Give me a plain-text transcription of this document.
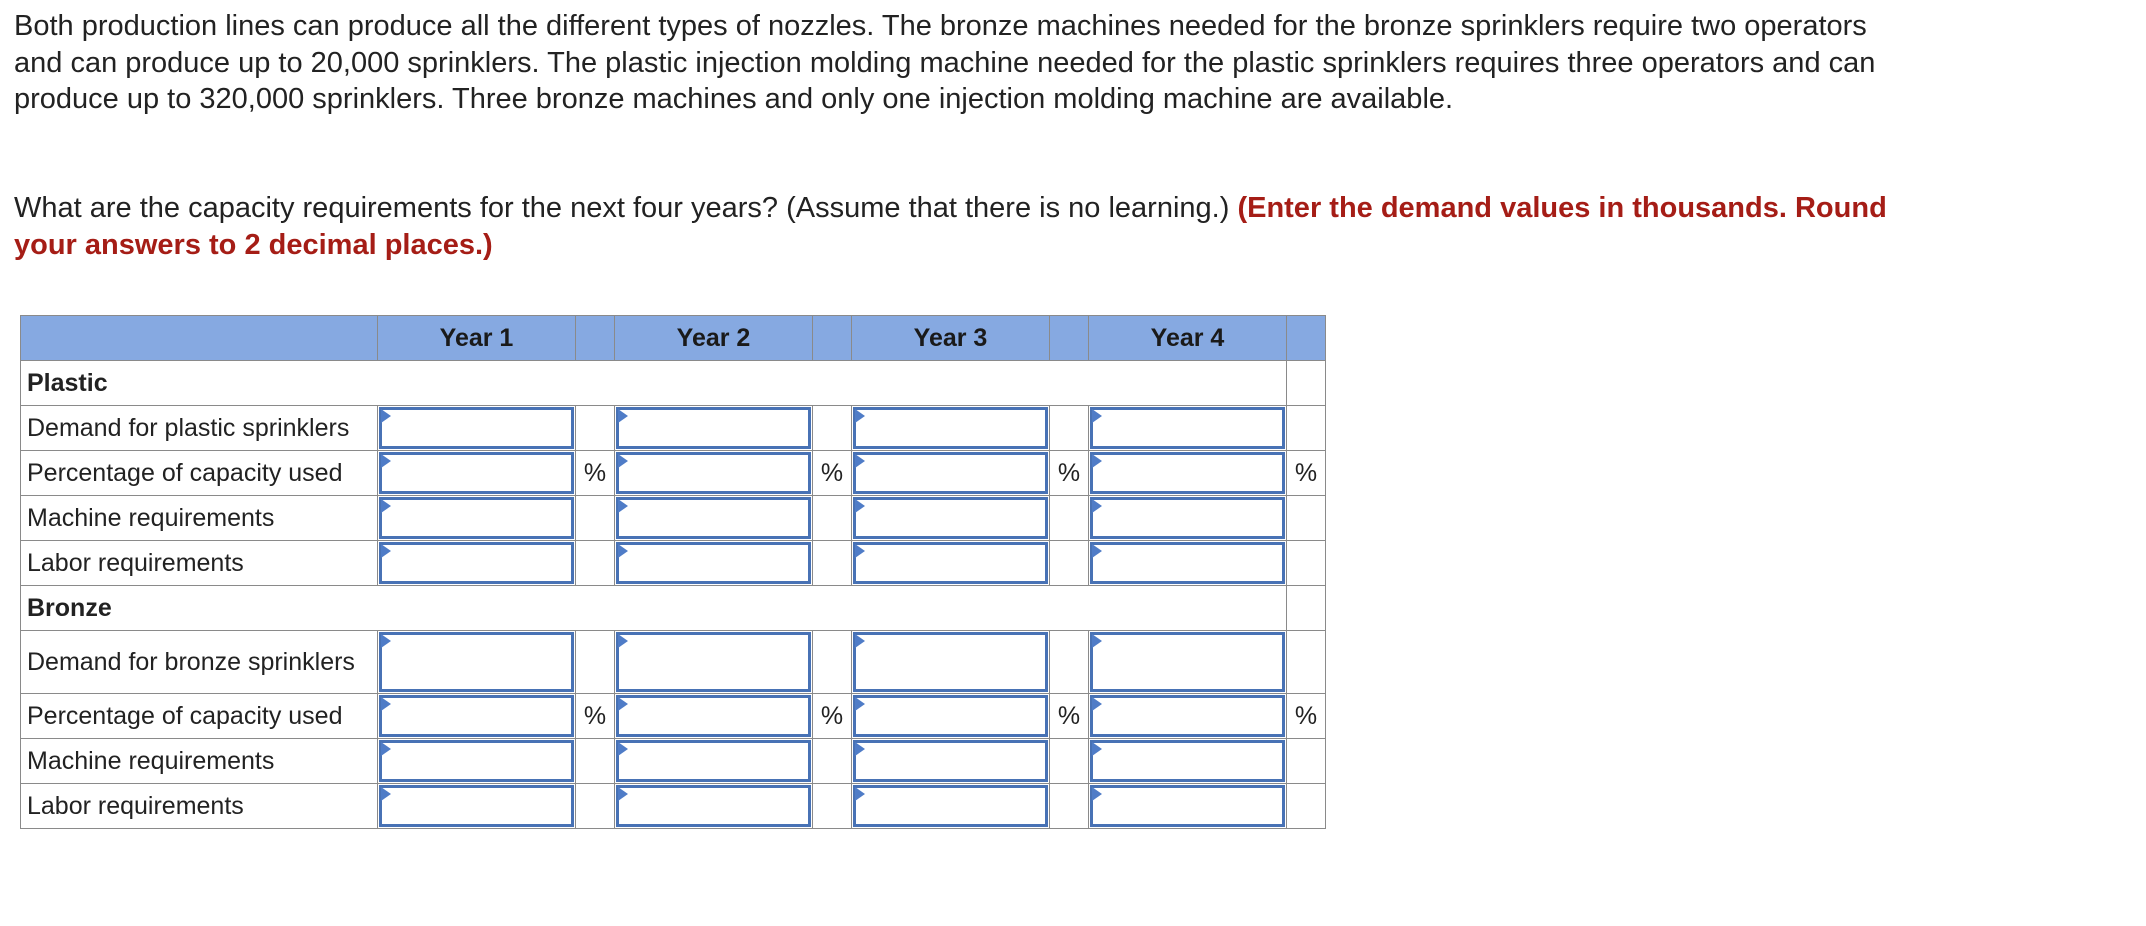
Both production lines can produce all the different types of nozzles. The bronze machines needed for the bronze sprinklers require two operators and can produce up to 20,000 sprinklers. The plastic injection molding machine needed for the plastic sprinklers requires three operators and can produce up to 320,000 sprinklers. Three bronze machines and only one injection molding machine are available.

What are the capacity requirements for the next four years? (Assume that there is no learning.) (Enter the demand values in thousands. Round your answers to 2 decimal places.)

	Year 1		Year 2		Year 3		Year 4	
Plastic								
Demand for plastic sprinklers	

Percentage of capacity used		%		%		%		%
Machine requirements	

Labor requirements	

Bronze								
Demand for bronze sprinklers	

Percentage of capacity used		%		%		%		%
Machine requirements	

Labor requirements	
